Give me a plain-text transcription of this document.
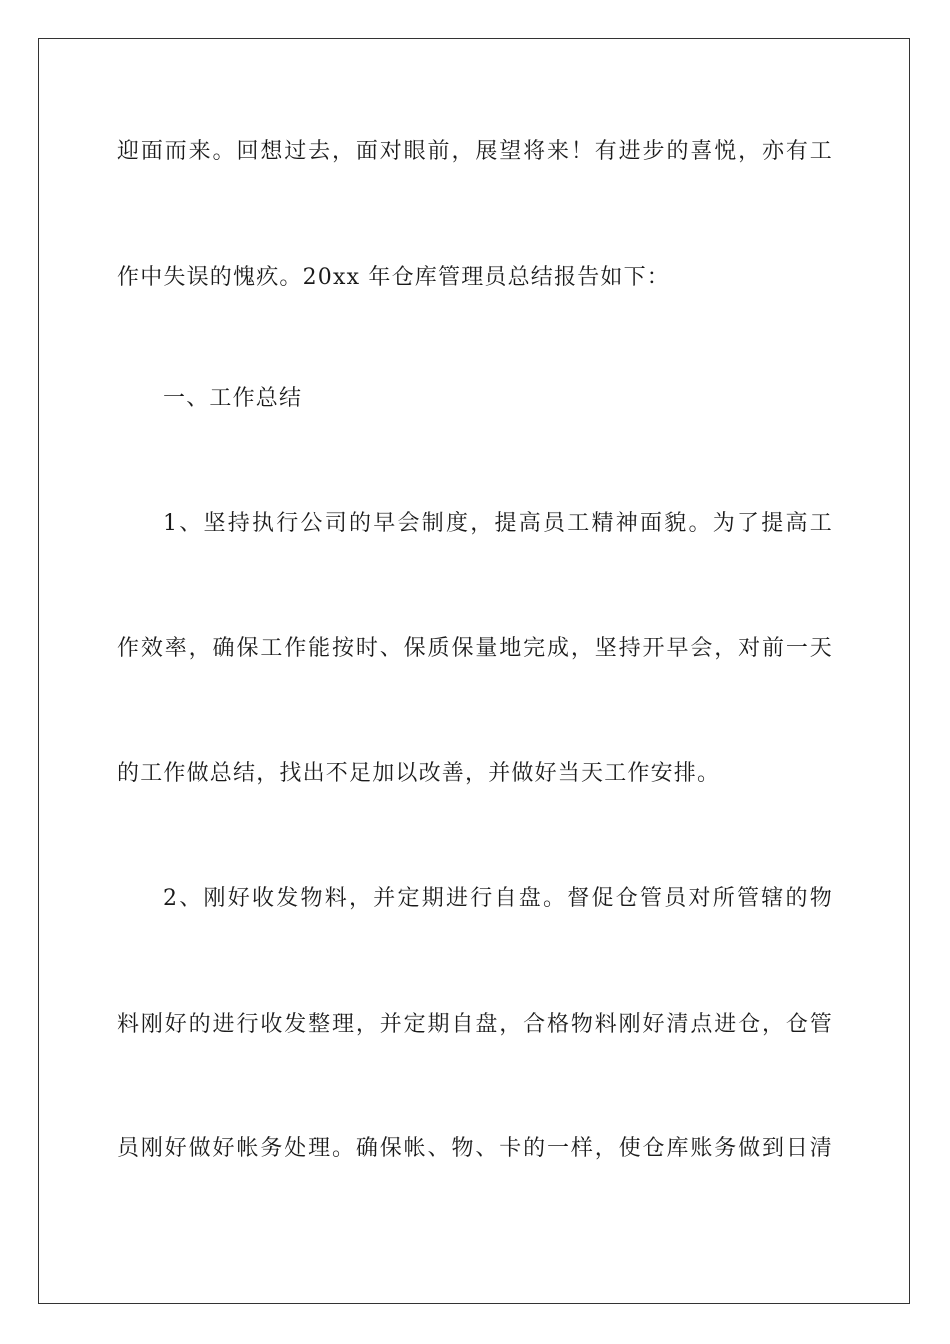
迎面而来。回想过去，面对眼前，展望将来！有进步的喜悦，亦有工
作中失误的愧疚。20xx 年仓库管理员总结报告如下：
一、工作总结
1、坚持执行公司的早会制度，提高员工精神面貌。为了提高工
作效率，确保工作能按时、保质保量地完成，坚持开早会，对前一天
的工作做总结，找出不足加以改善，并做好当天工作安排。
2、刚好收发物料，并定期进行自盘。督促仓管员对所管辖的物
料刚好的进行收发整理，并定期自盘，合格物料刚好清点进仓，仓管
员刚好做好帐务处理。确保帐、物、卡的一样，使仓库账务做到日清
